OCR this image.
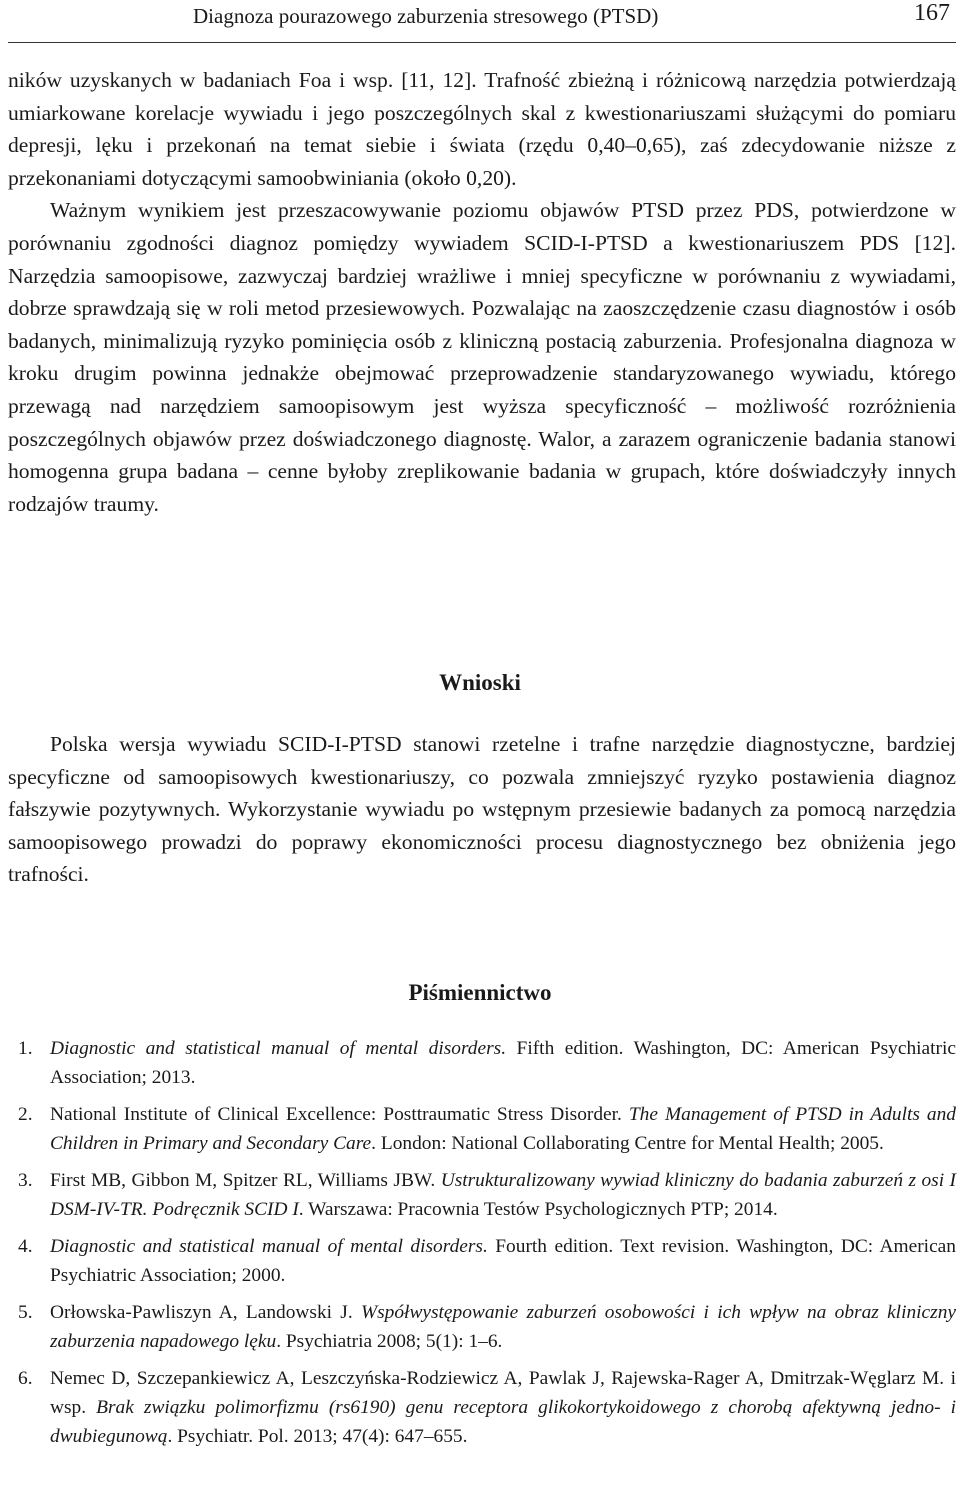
Diagnoza pourazowego zaburzenia stresowego (PTSD)	167

ników uzyskanych w badaniach Foa i wsp. [11, 12]. Trafność zbieżną i różnicową narzędzia potwierdzają umiarkowane korelacje wywiadu i jego poszczególnych skal z kwestionariuszami służącymi do pomiaru depresji, lęku i przekonań na temat siebie i świata (rzędu 0,40–0,65), zaś zdecydowanie niższe z przekonaniami dotyczącymi samoobwiniania (około 0,20).

Ważnym wynikiem jest przeszacowywanie poziomu objawów PTSD przez PDS, potwierdzone w porównaniu zgodności diagnoz pomiędzy wywiadem SCID-I-PTSD a kwestionariuszem PDS [12]. Narzędzia samoopisowe, zazwyczaj bardziej wrażliwe i mniej specyficzne w porównaniu z wywiadami, dobrze sprawdzają się w roli metod przesiewowych. Pozwalając na zaoszczędzenie czasu diagnostów i osób badanych, minimalizują ryzyko pominięcia osób z kliniczną postacią zaburzenia. Profesjonalna diagnoza w kroku drugim powinna jednakże obejmować przeprowadzenie standaryzowanego wywiadu, którego przewagą nad narzędziem samoopisowym jest wyższa specyficzność – możliwość rozróżnienia poszczególnych objawów przez doświadczonego diagnostę. Walor, a zarazem ograniczenie badania stanowi homogenna grupa badana – cenne byłoby zreplikowanie badania w grupach, które doświadczyły innych rodzajów traumy.

Wnioski

Polska wersja wywiadu SCID-I-PTSD stanowi rzetelne i trafne narzędzie diagnostyczne, bardziej specyficzne od samoopisowych kwestionariuszy, co pozwala zmniejszyć ryzyko postawienia diagnoz fałszywie pozytywnych. Wykorzystanie wywiadu po wstępnym przesiewie badanych za pomocą narzędzia samoopisowego prowadzi do poprawy ekonomiczności procesu diagnostycznego bez obniżenia jego trafności.

Piśmiennictwo
1. Diagnostic and statistical manual of mental disorders. Fifth edition. Washington, DC: American Psychiatric Association; 2013.
2. National Institute of Clinical Excellence: Posttraumatic Stress Disorder. The Management of PTSD in Adults and Children in Primary and Secondary Care. London: National Collaborating Centre for Mental Health; 2005.
3. First MB, Gibbon M, Spitzer RL, Williams JBW. Ustrukturalizowany wywiad kliniczny do badania zaburzeń z osi I DSM-IV-TR. Podręcznik SCID I. Warszawa: Pracownia Testów Psychologicznych PTP; 2014.
4. Diagnostic and statistical manual of mental disorders. Fourth edition. Text revision. Washington, DC: American Psychiatric Association; 2000.
5. Orłowska-Pawliszyn A, Landowski J. Współwystępowanie zaburzeń osobowości i ich wpływ na obraz kliniczny zaburzenia napadowego lęku. Psychiatria 2008; 5(1): 1–6.
6. Nemec D, Szczepankiewicz A, Leszczyńska-Rodziewicz A, Pawlak J, Rajewska-Rager A, Dmitrzak-Węglarz M. i wsp. Brak związku polimorfizmu (rs6190) genu receptora glikokortykoidowego z chorobą afektywną jedno- i dwubiegunową. Psychiatr. Pol. 2013; 47(4): 647–655.
